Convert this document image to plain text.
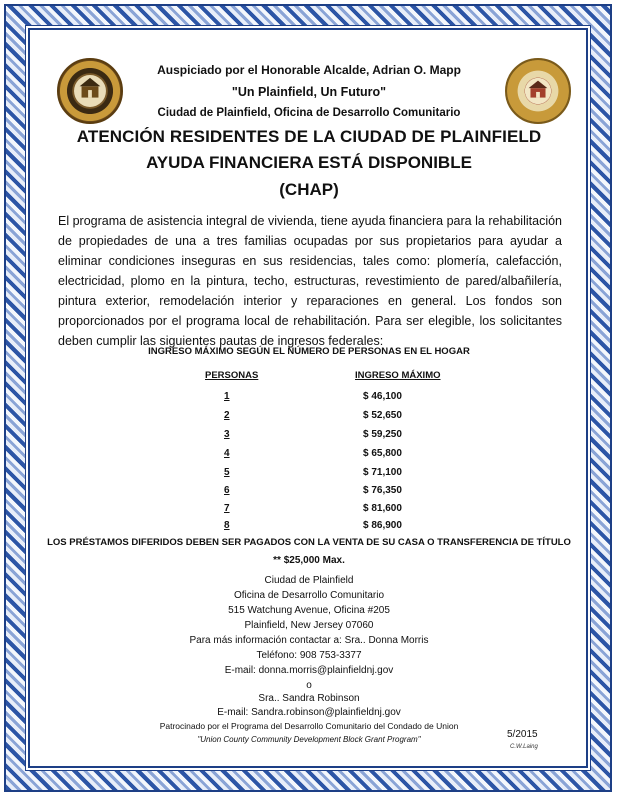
Auspiciado por el Honorable Alcalde, Adrian O. Mapp
"Un Plainfield, Un Futuro"
Ciudad de Plainfield, Oficina de Desarrollo Comunitario
ATENCIÓN RESIDENTES DE LA CIUDAD DE PLAINFIELD
AYUDA FINANCIERA ESTÁ DISPONIBLE
(CHAP)
El programa de asistencia integral de vivienda, tiene ayuda financiera para la rehabilitación de propiedades de una a tres familias ocupadas por sus propietarios para ayudar a eliminar condiciones inseguras en sus residencias, tales como: plomería, calefacción, electricidad, plomo en la pintura, techo, estructuras, revestimiento de pared/albañilería, pintura exterior, remodelación interior y reparaciones en general. Los fondos son proporcionados por el programa local de rehabilitación. Para ser elegible, los solicitantes deben cumplir las siguientes pautas de ingresos federales:
INGRESO MÁXIMO SEGÚN EL NÚMERO DE PERSONAS EN EL HOGAR
PERSONAS	INGRESO MÁXIMO
1	$ 46,100
2	$ 52,650
3	$ 59,250
4	$ 65,800
5	$ 71,100
6	$ 76,350
7	$ 81,600
8	$ 86,900
LOS PRÉSTAMOS DIFERIDOS DEBEN SER PAGADOS CON LA VENTA DE SU CASA O TRANSFERENCIA DE TÍTULO
** $25,000 Max.
Ciudad de Plainfield
Oficina de Desarrollo Comunitario
515 Watchung Avenue, Oficina #205
Plainfield, New Jersey 07060
Para más información contactar a: Sra.. Donna Morris
Teléfono: 908 753-3377
E-mail: donna.morris@plainfieldnj.gov
o
Sra.. Sandra Robinson
E-mail: Sandra.robinson@plainfieldnj.gov
Patrocinado por el Programa del Desarrollo Comunitario del Condado de Union
"Union County Community Development Block Grant Program"	5/2015
C.W.Laing
